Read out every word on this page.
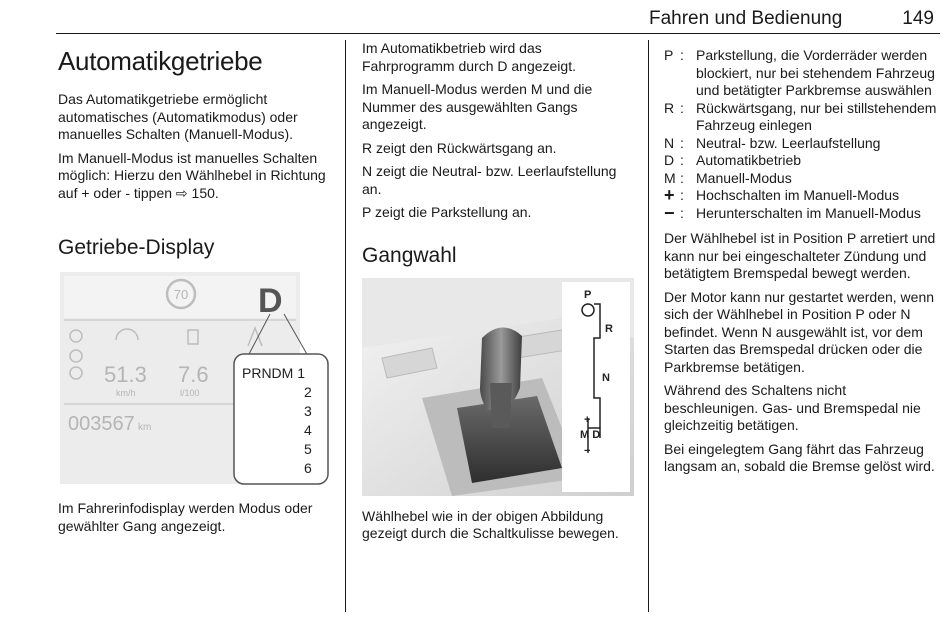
Fahren und Bedienung	149
Automatikgetriebe

Das Automatikgetriebe ermöglicht automatisches (Automatikmodus) oder manuelles Schalten (Manuell-Modus).

Im Manuell-Modus ist manuelles Schalten möglich: Hierzu den Wählhebel in Richtung auf + oder - tippen ⇨ 150.

Getriebe-Display
70 D
51.3
km/h
7.6
l/100
003567 km
PRNDM 1
2
3
4
5
6

Im Fahrerinfodisplay werden Modus oder gewählter Gang angezeigt.

Im Automatikbetrieb wird das Fahrprogramm durch D angezeigt.

Im Manuell-Modus werden M und die Nummer des ausgewählten Gangs angezeigt.

R zeigt den Rückwärtsgang an.

N zeigt die Neutral- bzw. Leerlaufstellung an.

P zeigt die Parkstellung an.

Gangwahl
P
R
N
+
M D
−

Wählhebel wie in der obigen Abbildung gezeigt durch die Schaltkulisse bewegen.

P : Parkstellung, die Vorderräder werden blockiert, nur bei stehendem Fahrzeug und betätigter Parkbremse auswählen
R : Rückwärtsgang, nur bei stillstehendem Fahrzeug einlegen
N : Neutral- bzw. Leerlaufstellung
D : Automatikbetrieb
M : Manuell-Modus
+ : Hochschalten im Manuell-Modus
− : Herunterschalten im Manuell-Modus

Der Wählhebel ist in Position P arretiert und kann nur bei eingeschalteter Zündung und betätigtem Bremspedal bewegt werden.

Der Motor kann nur gestartet werden, wenn sich der Wählhebel in Position P oder N befindet. Wenn N ausgewählt ist, vor dem Starten das Bremspedal drücken oder die Parkbremse betätigen.

Während des Schaltens nicht beschleunigen. Gas- und Bremspedal nie gleichzeitig betätigen.

Bei eingelegtem Gang fährt das Fahrzeug langsam an, sobald die Bremse gelöst wird.
